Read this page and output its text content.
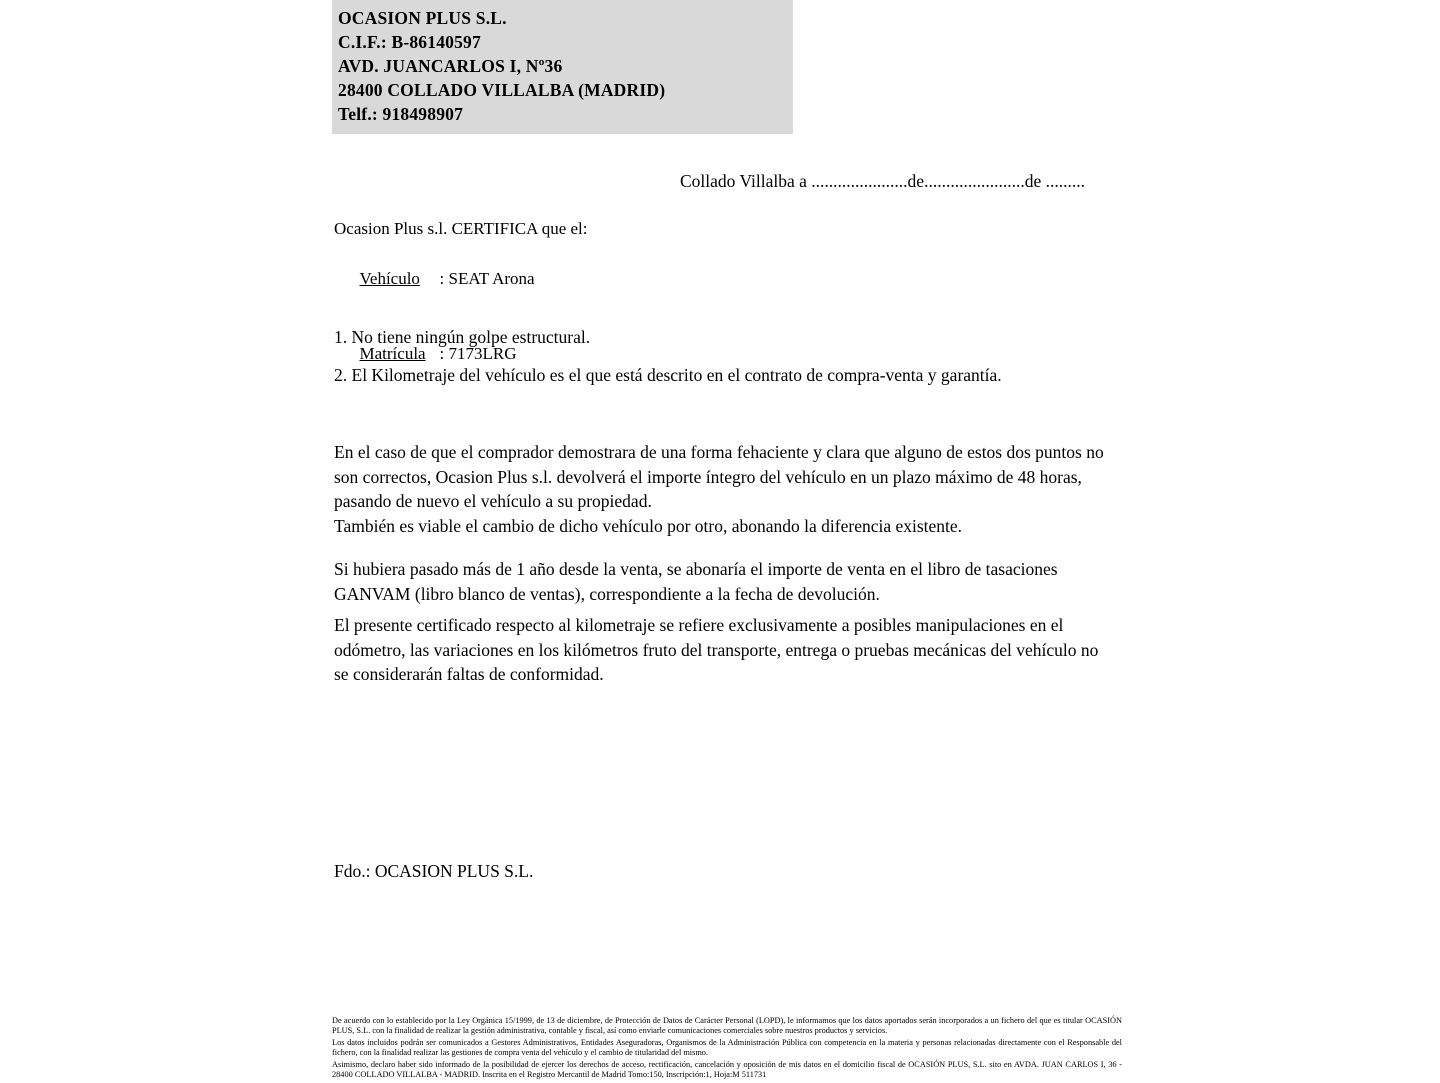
OCASION PLUS S.L.
C.I.F.: B-86140597
AVD. JUANCARLOS I, Nº36
28400 COLLADO VILLALBA (MADRID)
Telf.: 918498907
Collado Villalba a ......................de.......................de .........
Ocasion Plus s.l. CERTIFICA que el:

Vehículo : SEAT Arona

Matrícula : 7173LRG

1. No tiene ningún golpe estructural.
2. El Kilometraje del vehículo es el que está descrito en el contrato de compra-venta y garantía.
En el caso de que el comprador demostrara de una forma fehaciente y clara que alguno de estos dos puntos no son correctos, Ocasion Plus s.l. devolverá el importe íntegro del vehículo en un plazo máximo de 48 horas, pasando de nuevo el vehículo a su propiedad.
También es viable el cambio de dicho vehículo por otro, abonando la diferencia existente.
Si hubiera pasado más de 1 año desde la venta, se abonaría el importe de venta en el libro de tasaciones GANVAM (libro blanco de ventas), correspondiente a la fecha de devolución.
El presente certificado respecto al kilometraje se refiere exclusivamente a posibles manipulaciones en el odómetro, las variaciones en los kilómetros fruto del transporte, entrega o pruebas mecánicas del vehículo no se considerarán faltas de conformidad.
Fdo.: OCASION PLUS S.L.

De acuerdo con lo establecido por la Ley Orgánica 15/1999, de 13 de diciembre, de Protección de Datos de Carácter Personal (LOPD), le informamos que los datos aportados serán incorporados a un fichero del que es titular OCASIÓN PLUS, S.L. con la finalidad de realizar la gestión administrativa, contable y fiscal, así como enviarle comunicaciones comerciales sobre nuestros productos y servicios.

Los datos incluidos podrán ser comunicados a Gestores Administrativos, Entidades Aseguradoras, Organismos de la Administración Pública con competencia en la materia y personas relacionadas directamente con el Responsable del fichero, con la finalidad realizar las gestiones de compra venta del vehículo y el cambio de titularidad del mismo.

Asimismo, declaro haber sido informado de la posibilidad de ejercer los derechos de acceso, rectificación, cancelación y oposición de mis datos en el domicilio fiscal de OCASIÓN PLUS, S.L. sito en AVDA. JUAN CARLOS I, 36 - 28400 COLLADO VILLALBA - MADRID. Inscrita en el Registro Mercantil de Madrid Tomo:150, Inscripción:1, Hoja:M 511731
